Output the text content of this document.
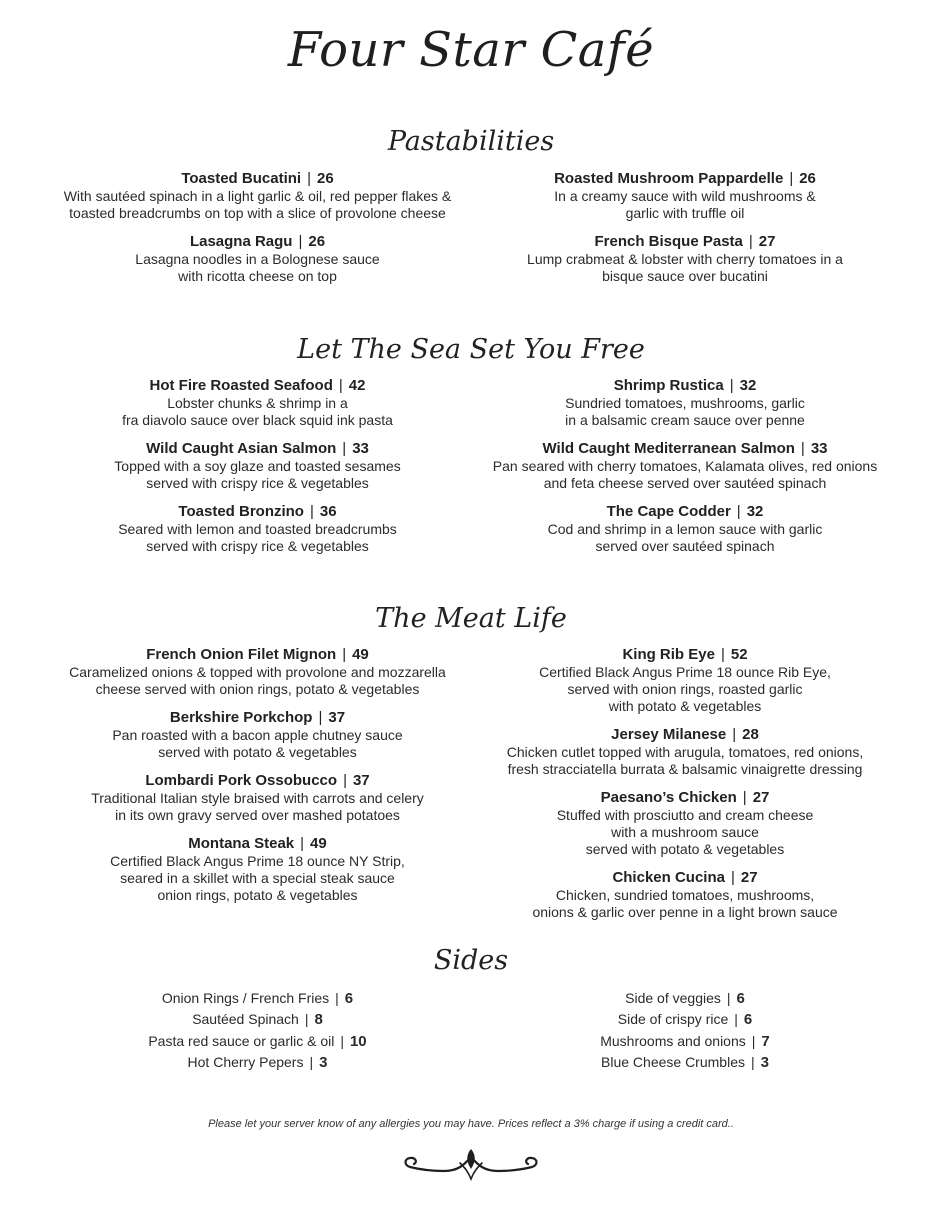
Four Star Café
Pastabilities
Toasted Bucatini | 26
With sautéed spinach in a light garlic & oil, red pepper flakes &
toasted breadcrumbs on top with a slice of provolone cheese
Lasagna Ragu | 26
Lasagna noodles in a Bolognese sauce
with ricotta cheese on top
Roasted Mushroom Pappardelle | 26
In a creamy sauce with wild mushrooms &
garlic with truffle oil
French Bisque Pasta | 27
Lump crabmeat & lobster with cherry tomatoes in a
bisque sauce over bucatini
Let The Sea Set You Free
Hot Fire Roasted Seafood | 42
Lobster chunks & shrimp in a
fra diavolo sauce over black squid ink pasta
Wild Caught Asian Salmon | 33
Topped with a soy glaze and toasted sesames
served with crispy rice & vegetables
Toasted Bronzino | 36
Seared with lemon and toasted breadcrumbs
served with crispy rice & vegetables
Shrimp Rustica | 32
Sundried tomatoes, mushrooms, garlic
in a balsamic cream sauce over penne
Wild Caught Mediterranean Salmon | 33
Pan seared with cherry tomatoes, Kalamata olives, red onions
and feta cheese served over sautéed spinach
The Cape Codder | 32
Cod and shrimp in a lemon sauce with garlic
served over sautéed spinach
The Meat Life
French Onion Filet Mignon | 49
Caramelized onions & topped with provolone and mozzarella
cheese served with onion rings, potato & vegetables
Berkshire Porkchop | 37
Pan roasted with a bacon apple chutney sauce
served with potato & vegetables
Lombardi Pork Ossobucco | 37
Traditional Italian style braised with carrots and celery
in its own gravy served over mashed potatoes
Montana Steak | 49
Certified Black Angus Prime 18 ounce NY Strip,
seared in a skillet with a special steak sauce
onion rings, potato & vegetables
King Rib Eye | 52
Certified Black Angus Prime 18 ounce Rib Eye,
served with onion rings, roasted garlic
with potato & vegetables
Jersey Milanese | 28
Chicken cutlet topped with arugula, tomatoes, red onions,
fresh stracciatella burrata & balsamic vinaigrette dressing
Paesano’s Chicken | 27
Stuffed with prosciutto and cream cheese
with a mushroom sauce
served with potato & vegetables
Chicken Cucina | 27
Chicken, sundried tomatoes, mushrooms,
onions & garlic over penne in a light brown sauce
Sides
Onion Rings / French Fries | 6
Sautéed Spinach | 8
Pasta red sauce or garlic & oil | 10
Hot Cherry Pepers | 3
Side of veggies | 6
Side of crispy rice | 6
Mushrooms and onions | 7
Blue Cheese Crumbles | 3
Please let your server know of any allergies you may have. Prices reflect a 3% charge if using a credit card..
